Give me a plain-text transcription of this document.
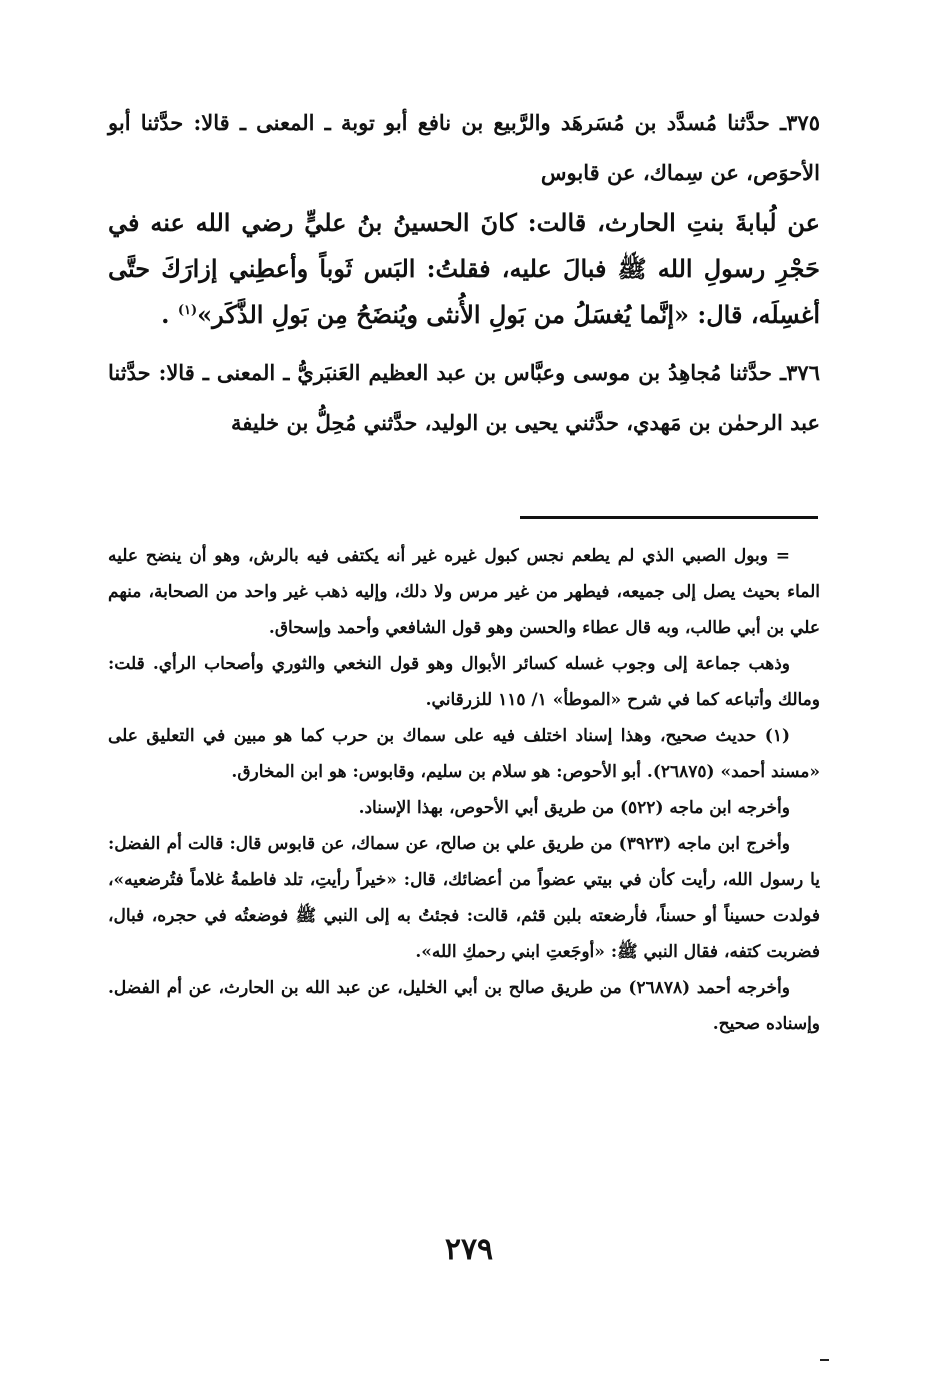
٣٧٥ـ حدَّثنا مُسدَّد بن مُسَرهَد والرَّبيع بن نافع أبو توبة ـ المعنى ـ قالا: حدَّثنا أبو الأحوَص، عن سِماك، عن قابوس

عن لُبابةَ بنتِ الحارث، قالت: كانَ الحسينُ بنُ عليٍّ رضي الله عنه في حَجْرِ رسولِ الله ﷺ فبالَ عليه، فقلتُ: البَس ثَوباً وأعطِني إزارَكَ حتَّى أغسِلَه، قال: «إنَّما يُغسَلُ من بَولِ الأُنثى ويُنضَحُ مِن بَولِ الذَّكَر»$^{(١)}$ .

٣٧٦ـ حدَّثنا مُجاهِدُ بن موسى وعبَّاس بن عبد العظيم العَنبَريُّ ـ المعنى ـ قالا: حدَّثنا عبد الرحمٰن بن مَهدي، حدَّثني يحيى بن الوليد، حدَّثني مُحِلُّ بن خليفة

= وبول الصبي الذي لم يطعم نجس كبول غيره غير أنه يكتفى فيه بالرش، وهو أن ينضح عليه الماء بحيث يصل إلى جميعه، فيطهر من غير مرس ولا دلك، وإليه ذهب غير واحد من الصحابة، منهم علي بن أبي طالب، وبه قال عطاء والحسن وهو قول الشافعي وأحمد وإسحاق.

وذهب جماعة إلى وجوب غسله كسائر الأبوال وهو قول النخعي والثوري وأصحاب الرأي. قلت: ومالك وأتباعه كما في شرح «الموطأ» ١/ ١١٥ للزرقاني.

(١) حديث صحيح، وهذا إسناد اختلف فيه على سماك بن حرب كما هو مبين في التعليق على «مسند أحمد» (٢٦٨٧٥). أبو الأحوص: هو سلام بن سليم، وقابوس: هو ابن المخارق.

وأخرجه ابن ماجه (٥٢٢) من طريق أبي الأحوص، بهذا الإسناد.

وأخرج ابن ماجه (٣٩٢٣) من طريق علي بن صالح، عن سماك، عن قابوس قال: قالت أم الفضل: يا رسول الله، رأيت كأن في بيتي عضواً من أعضائك، قال: «خيراً رأيتِ، تلد فاطمةُ غلاماً فتُرضعيه»، فولدت حسيناً أو حسناً، فأرضعته بلبن قثم، قالت: فجئتُ به إلى النبي ﷺ فوضعتُه في حجره، فبال، فضربت كتفه، فقال النبي ﷺ: «أوجَعتِ ابني رحمكِ الله».

وأخرجه أحمد (٢٦٨٧٨) من طريق صالح بن أبي الخليل، عن عبد الله بن الحارث، عن أم الفضل. وإسناده صحيح.

٢٧٩
